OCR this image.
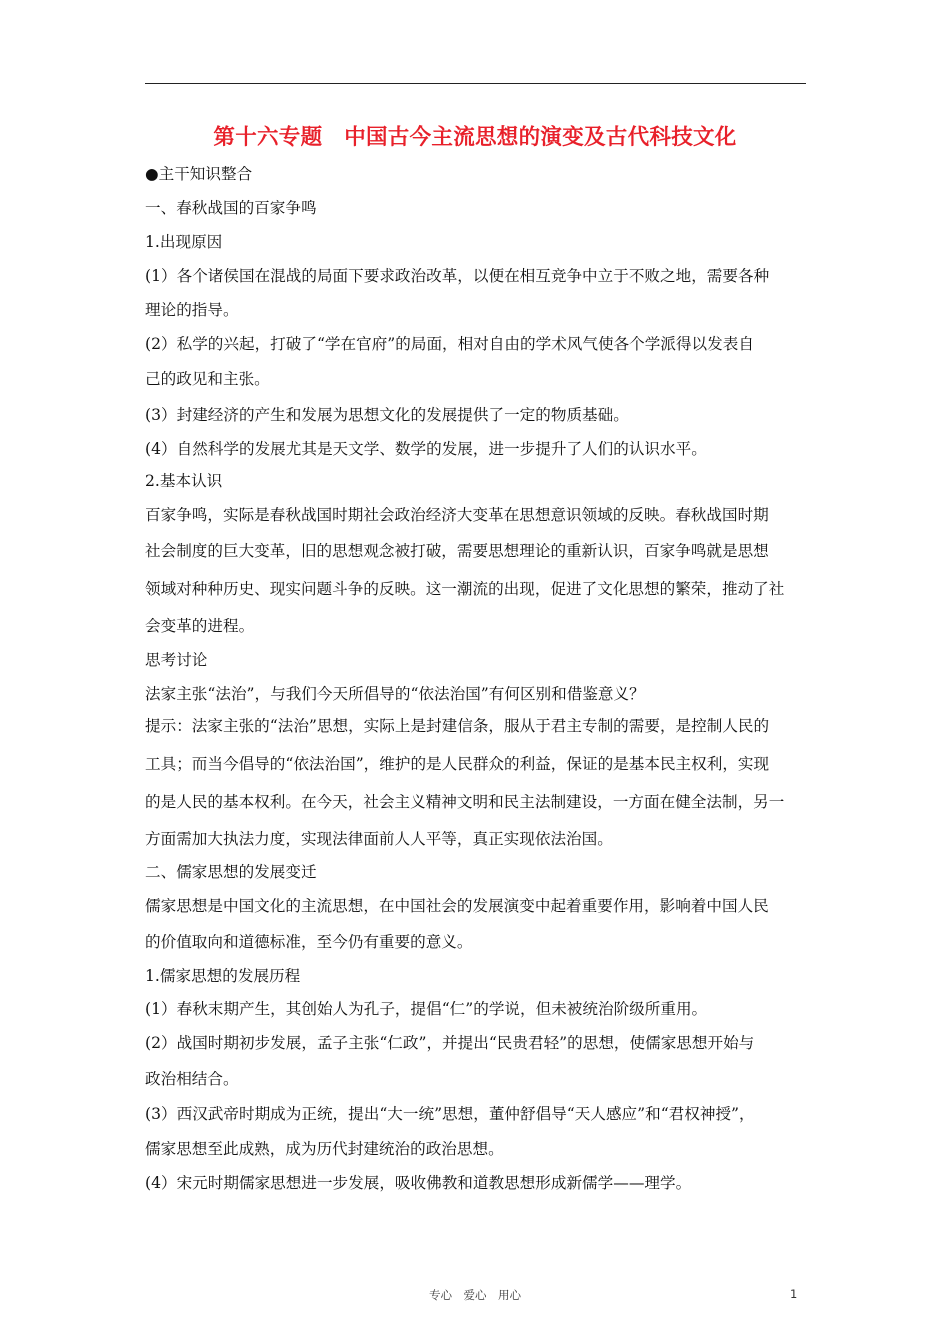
第十六专题　中国古今主流思想的演变及古代科技文化
●主干知识整合
一、春秋战国的百家争鸣
1.出现原因
(1）各个诸侯国在混战的局面下要求政治改革，以便在相互竞争中立于不败之地，需要各种
理论的指导。
(2）私学的兴起，打破了“学在官府”的局面，相对自由的学术风气使各个学派得以发表自
己的政见和主张。
(3）封建经济的产生和发展为思想文化的发展提供了一定的物质基础。
(4）自然科学的发展尤其是天文学、数学的发展，进一步提升了人们的认识水平。
2.基本认识
百家争鸣，实际是春秋战国时期社会政治经济大变革在思想意识领域的反映。春秋战国时期
社会制度的巨大变革，旧的思想观念被打破，需要思想理论的重新认识，百家争鸣就是思想
领域对种种历史、现实问题斗争的反映。这一潮流的出现，促进了文化思想的繁荣，推动了社
会变革的进程。
思考讨论
法家主张“法治”，与我们今天所倡导的“依法治国”有何区别和借鉴意义？
提示：法家主张的“法治”思想，实际上是封建信条，服从于君主专制的需要，是控制人民的
工具；而当今倡导的“依法治国”，维护的是人民群众的利益，保证的是基本民主权利，实现
的是人民的基本权利。在今天，社会主义精神文明和民主法制建设，一方面在健全法制，另一
方面需加大执法力度，实现法律面前人人平等，真正实现依法治国。
二、儒家思想的发展变迁
儒家思想是中国文化的主流思想，在中国社会的发展演变中起着重要作用，影响着中国人民
的价值取向和道德标准，至今仍有重要的意义。
1.儒家思想的发展历程
(1）春秋末期产生，其创始人为孔子，提倡“仁”的学说，但未被统治阶级所重用。
(2）战国时期初步发展，孟子主张“仁政”，并提出“民贵君轻”的思想，使儒家思想开始与
政治相结合。
(3）西汉武帝时期成为正统，提出“大一统”思想，董仲舒倡导“天人感应”和“君权神授”，
儒家思想至此成熟，成为历代封建统治的政治思想。
(4）宋元时期儒家思想进一步发展，吸收佛教和道教思想形成新儒学——理学。
专心　爱心　用心	1
